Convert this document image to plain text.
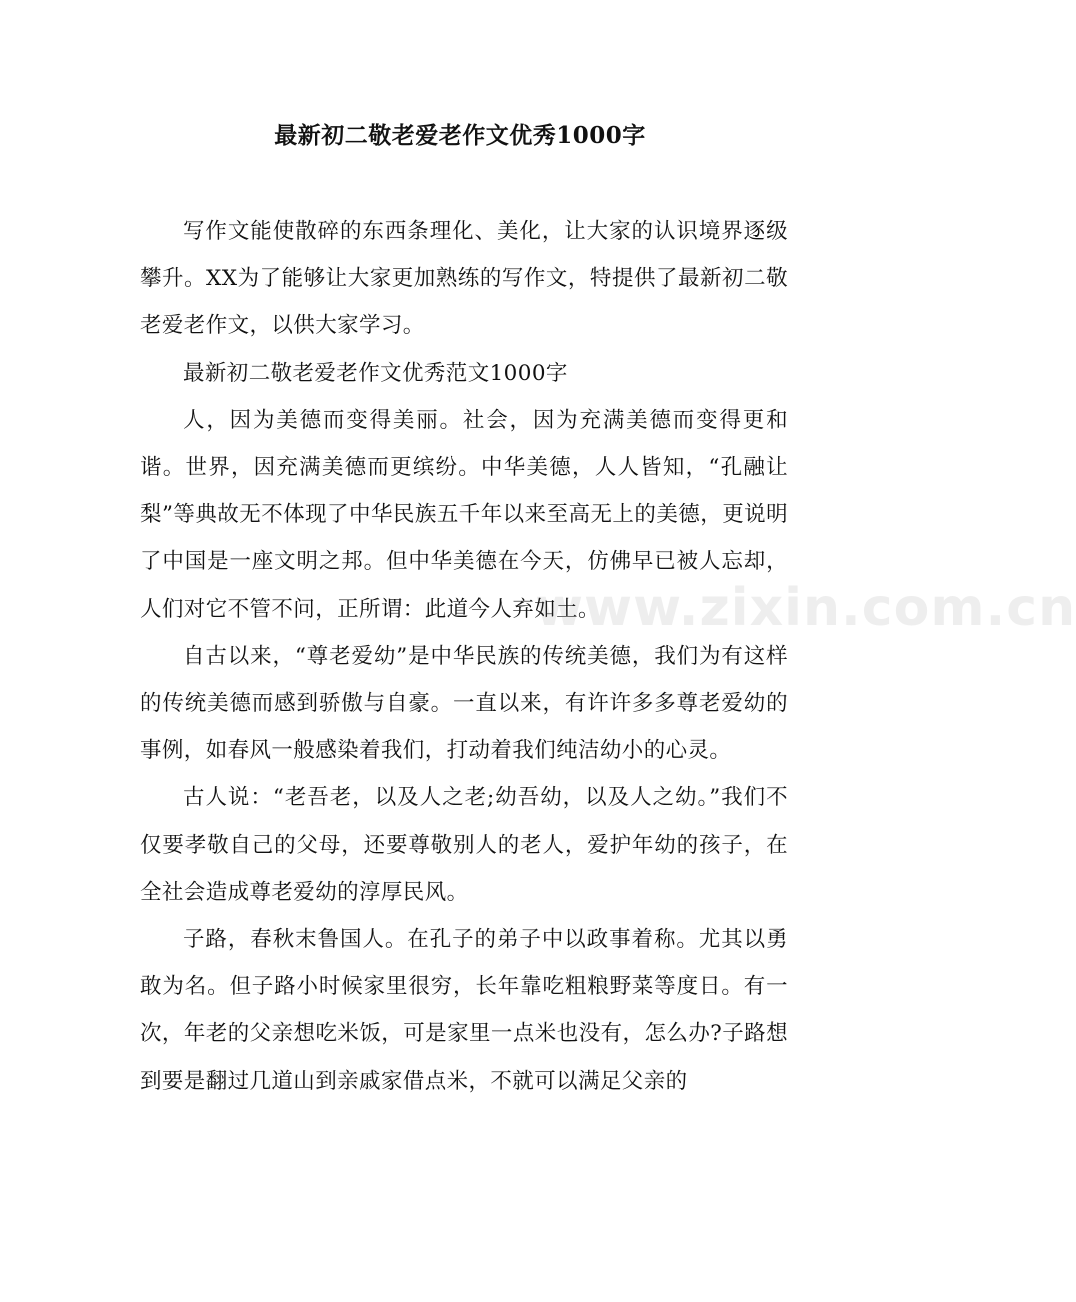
最新初二敬老爱老作文优秀1000字

写作文能使散碎的东西条理化、美化，让大家的认识境界逐级攀升。XX为了能够让大家更加熟练的写作文，特提供了最新初二敬老爱老作文，以供大家学习。

最新初二敬老爱老作文优秀范文1000字

人，因为美德而变得美丽。社会，因为充满美德而变得更和谐。世界，因充满美德而更缤纷。中华美德，人人皆知，“孔融让梨”等典故无不体现了中华民族五千年以来至高无上的美德，更说明了中国是一座文明之邦。但中华美德在今天，仿佛早已被人忘却，人们对它不管不问，正所谓：此道今人弃如土。

自古以来，“尊老爱幼”是中华民族的传统美德，我们为有这样的传统美德而感到骄傲与自豪。一直以来，有许许多多尊老爱幼的事例，如春风一般感染着我们，打动着我们纯洁幼小的心灵。

古人说：“老吾老，以及人之老;幼吾幼，以及人之幼。”我们不仅要孝敬自己的父母，还要尊敬别人的老人，爱护年幼的孩子，在全社会造成尊老爱幼的淳厚民风。

子路，春秋末鲁国人。在孔子的弟子中以政事着称。尤其以勇敢为名。但子路小时候家里很穷，长年靠吃粗粮野菜等度日。有一次，年老的父亲想吃米饭，可是家里一点米也没有，怎么办?子路想到要是翻过几道山到亲戚家借点米，不就可以满足父亲的

www.zixin.com.cn
